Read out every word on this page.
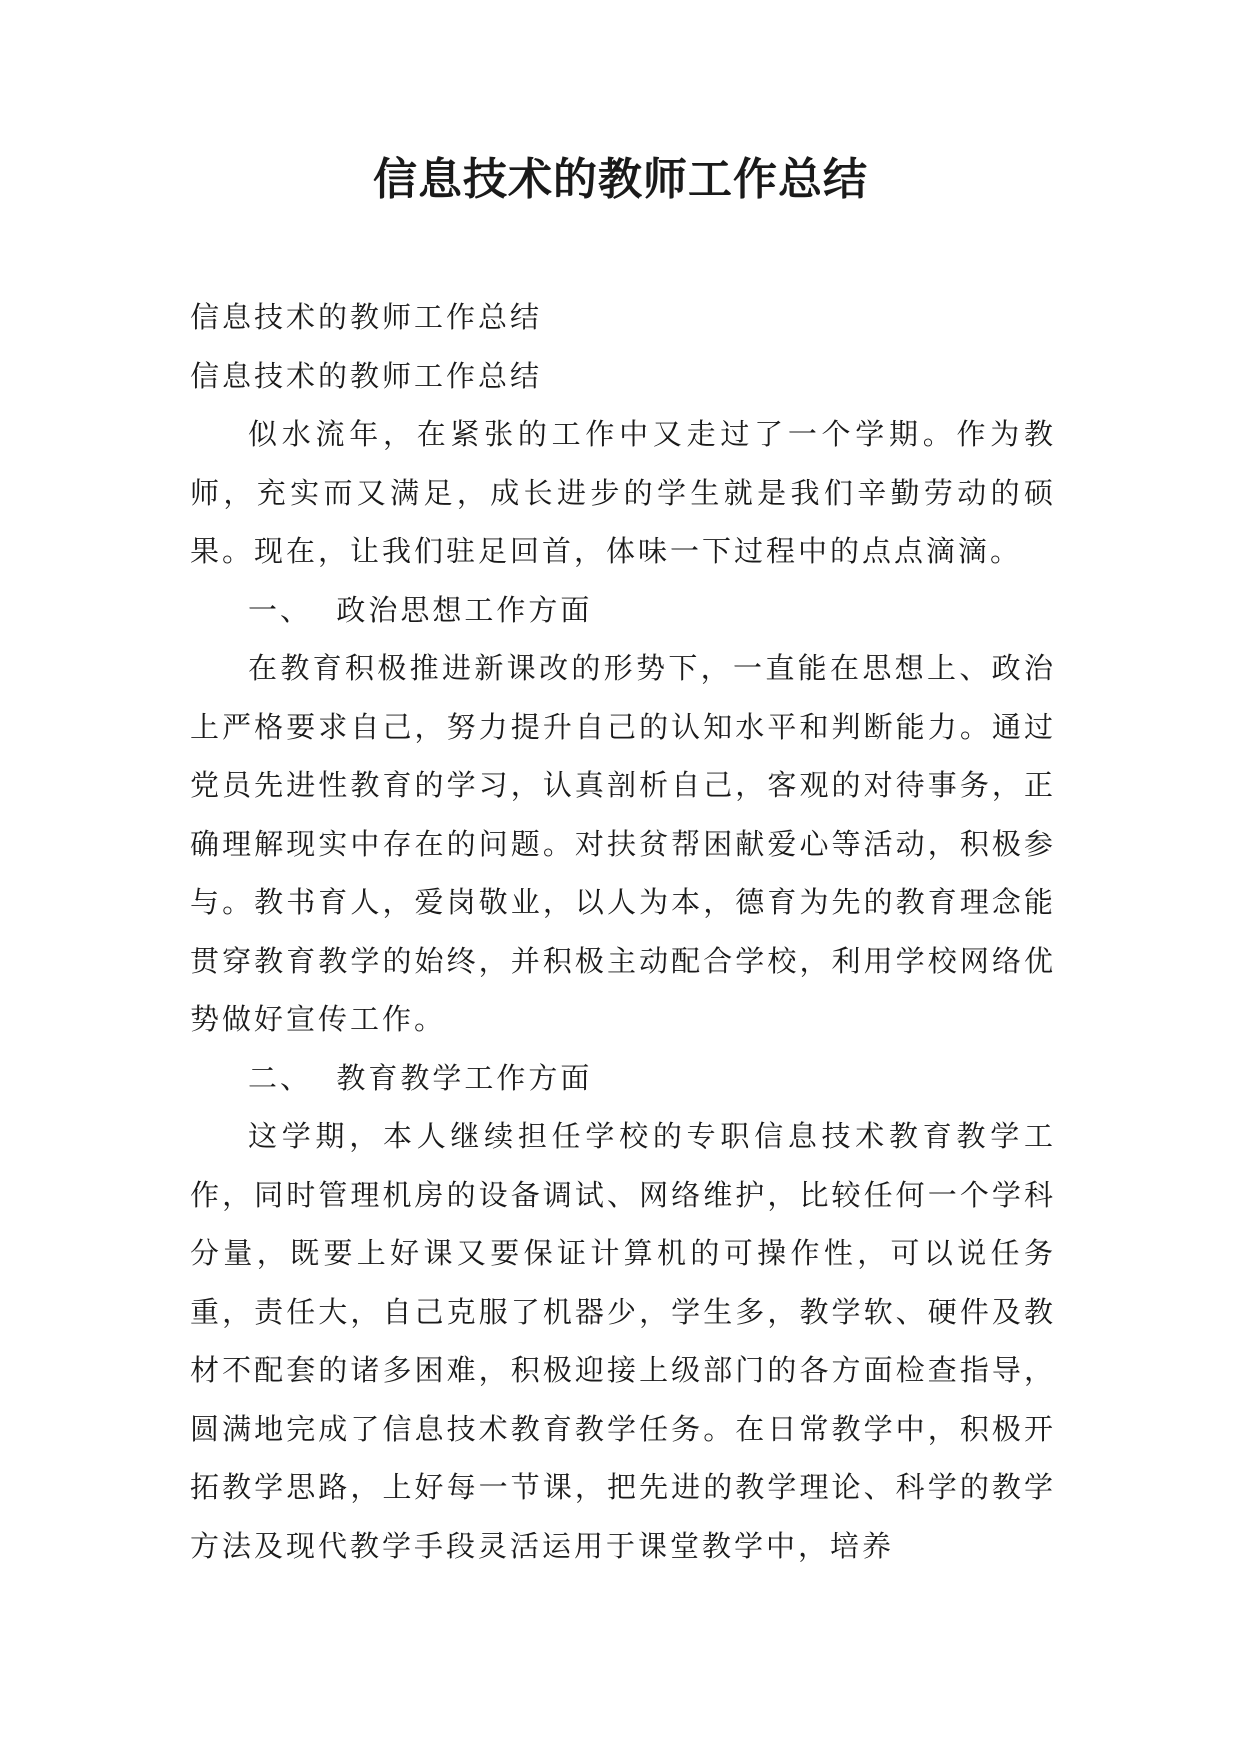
信息技术的教师工作总结

信息技术的教师工作总结

信息技术的教师工作总结

似水流年，在紧张的工作中又走过了一个学期。作为教师，充实而又满足，成长进步的学生就是我们辛勤劳动的硕果。现在，让我们驻足回首，体味一下过程中的点点滴滴。

一、  政治思想工作方面

在教育积极推进新课改的形势下，一直能在思想上、政治上严格要求自己，努力提升自己的认知水平和判断能力。通过党员先进性教育的学习，认真剖析自己，客观的对待事务，正确理解现实中存在的问题。对扶贫帮困献爱心等活动，积极参与。教书育人，爱岗敬业，以人为本，德育为先的教育理念能贯穿教育教学的始终，并积极主动配合学校，利用学校网络优势做好宣传工作。

二、  教育教学工作方面

这学期，本人继续担任学校的专职信息技术教育教学工作，同时管理机房的设备调试、网络维护，比较任何一个学科分量，既要上好课又要保证计算机的可操作性，可以说任务重，责任大，自己克服了机器少，学生多，教学软、硬件及教材不配套的诸多困难，积极迎接上级部门的各方面检查指导，圆满地完成了信息技术教育教学任务。在日常教学中，积极开拓教学思路，上好每一节课，把先进的教学理论、科学的教学方法及现代教学手段灵活运用于课堂教学中，培养
